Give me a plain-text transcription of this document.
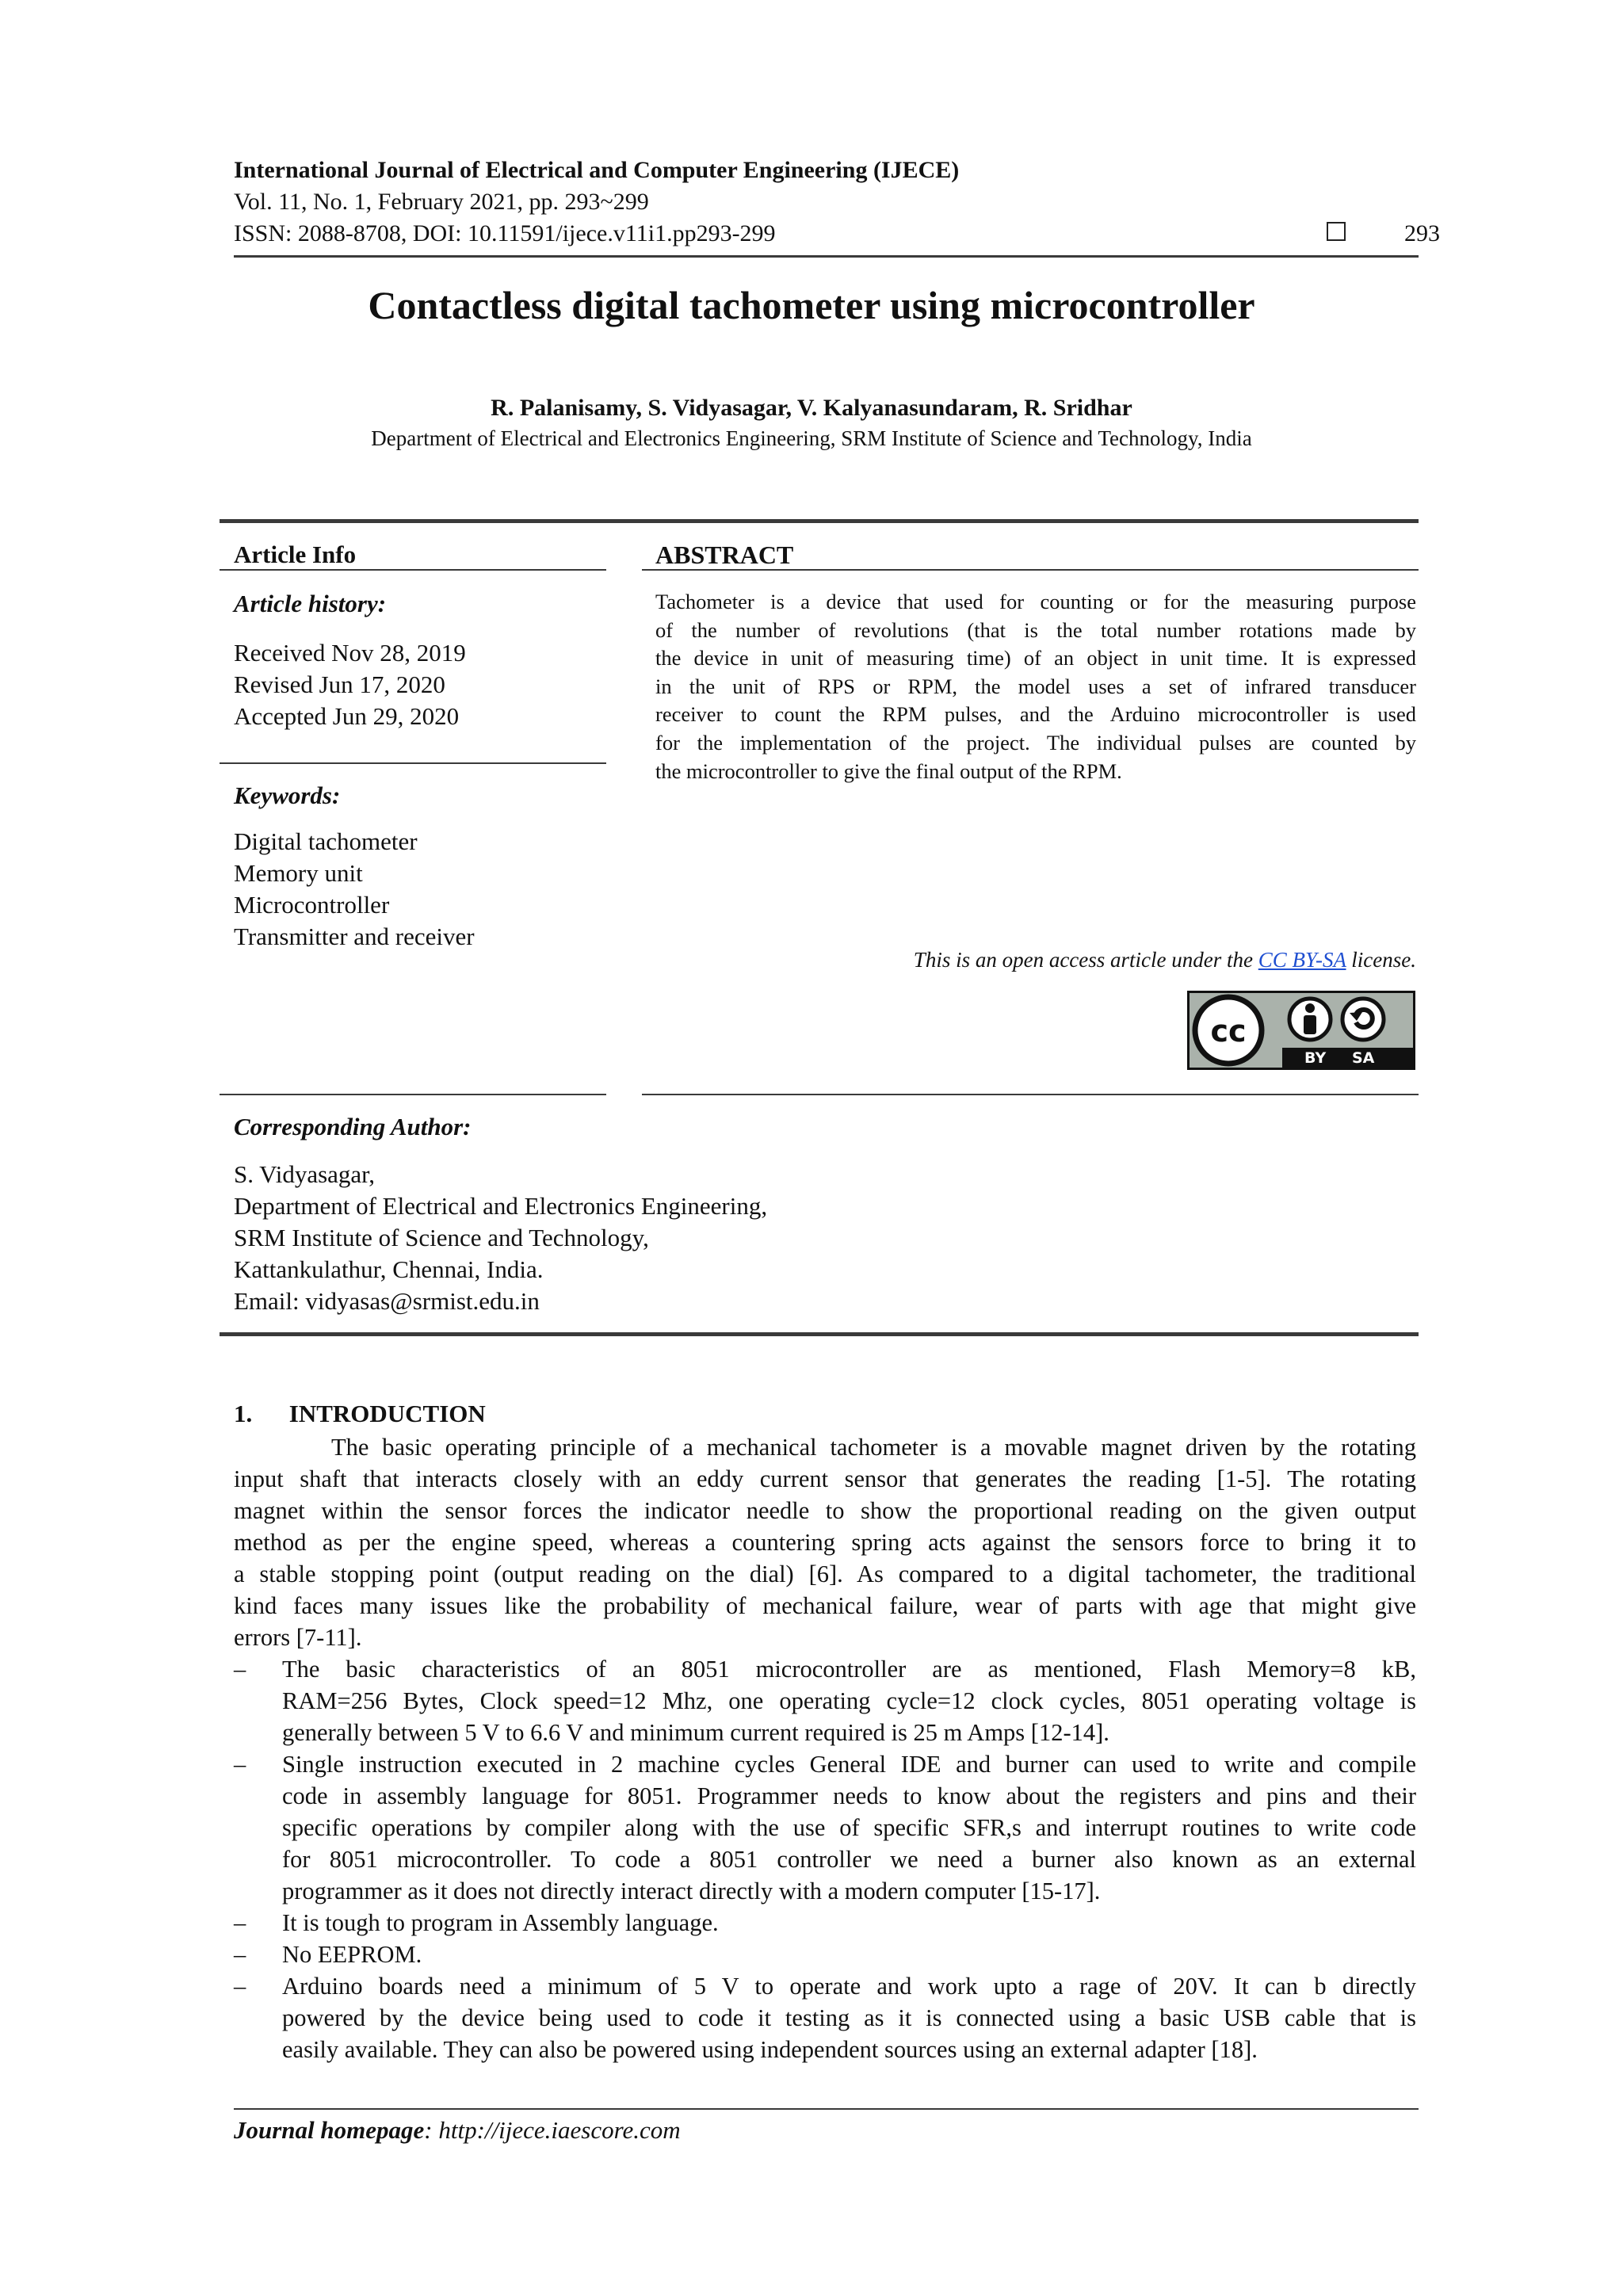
International Journal of Electrical and Computer Engineering (IJECE)
Vol. 11, No. 1, February 2021, pp. 293~299
ISSN: 2088-8708, DOI: 10.11591/ijece.v11i1.pp293-299	293
Contactless digital tachometer using microcontroller
R. Palanisamy, S. Vidyasagar, V. Kalyanasundaram, R. Sridhar
Department of Electrical and Electronics Engineering, SRM Institute of Science and Technology, India
Article Info	ABSTRACT
Article history:
Received Nov 28, 2019
Revised Jun 17, 2020
Accepted Jun 29, 2020
Keywords:
Digital tachometer
Memory unit
Microcontroller
Transmitter and receiver
Tachometer is a device that used for counting or for the measuring purpose
of the number of revolutions (that is the total number rotations made by
the device in unit of measuring time) of an object in unit time. It is expressed
in the unit of RPS or RPM, the model uses a set of infrared transducer
receiver to count the RPM pulses, and the Arduino microcontroller is used
for the implementation of the project. The individual pulses are counted by
the microcontroller to give the final output of the RPM.
This is an open access article under the CC BY-SA license.
cc
BY SA
Corresponding Author:
S. Vidyasagar,
Department of Electrical and Electronics Engineering,
SRM Institute of Science and Technology,
Kattankulathur, Chennai, India.
Email: vidyasas@srmist.edu.in
1.      INTRODUCTION
The basic operating principle of a mechanical tachometer is a movable magnet driven by the rotating
input shaft that interacts closely with an eddy current sensor that generates the reading [1-5]. The rotating
magnet within the sensor forces the indicator needle to show the proportional reading on the given output
method as per the engine speed, whereas a countering spring acts against the sensors force to bring it to
a stable stopping point (output reading on the dial) [6]. As compared to a digital tachometer, the traditional
kind faces many issues like the probability of mechanical failure, wear of parts with age that might give
errors [7-11].
– The basic characteristics of an 8051 microcontroller are as mentioned, Flash Memory=8 kB,
RAM=256 Bytes, Clock speed=12 Mhz, one operating cycle=12 clock cycles, 8051 operating voltage is
generally between 5 V to 6.6 V and minimum current required is 25 m Amps [12-14].
– Single instruction executed in 2 machine cycles General IDE and burner can used to write and compile
code in assembly language for 8051. Programmer needs to know about the registers and pins and their
specific operations by compiler along with the use of specific SFR,s and interrupt routines to write code
for 8051 microcontroller. To code a 8051 controller we need a burner also known as an external
programmer as it does not directly interact directly with a modern computer [15-17].
– It is tough to program in Assembly language.
– No EEPROM.
– Arduino boards need a minimum of 5 V to operate and work upto a rage of 20V. It can b directly
powered by the device being used to code it testing as it is connected using a basic USB cable that is
easily available. They can also be powered using independent sources using an external adapter [18].
Journal homepage: http://ijece.iaescore.com
